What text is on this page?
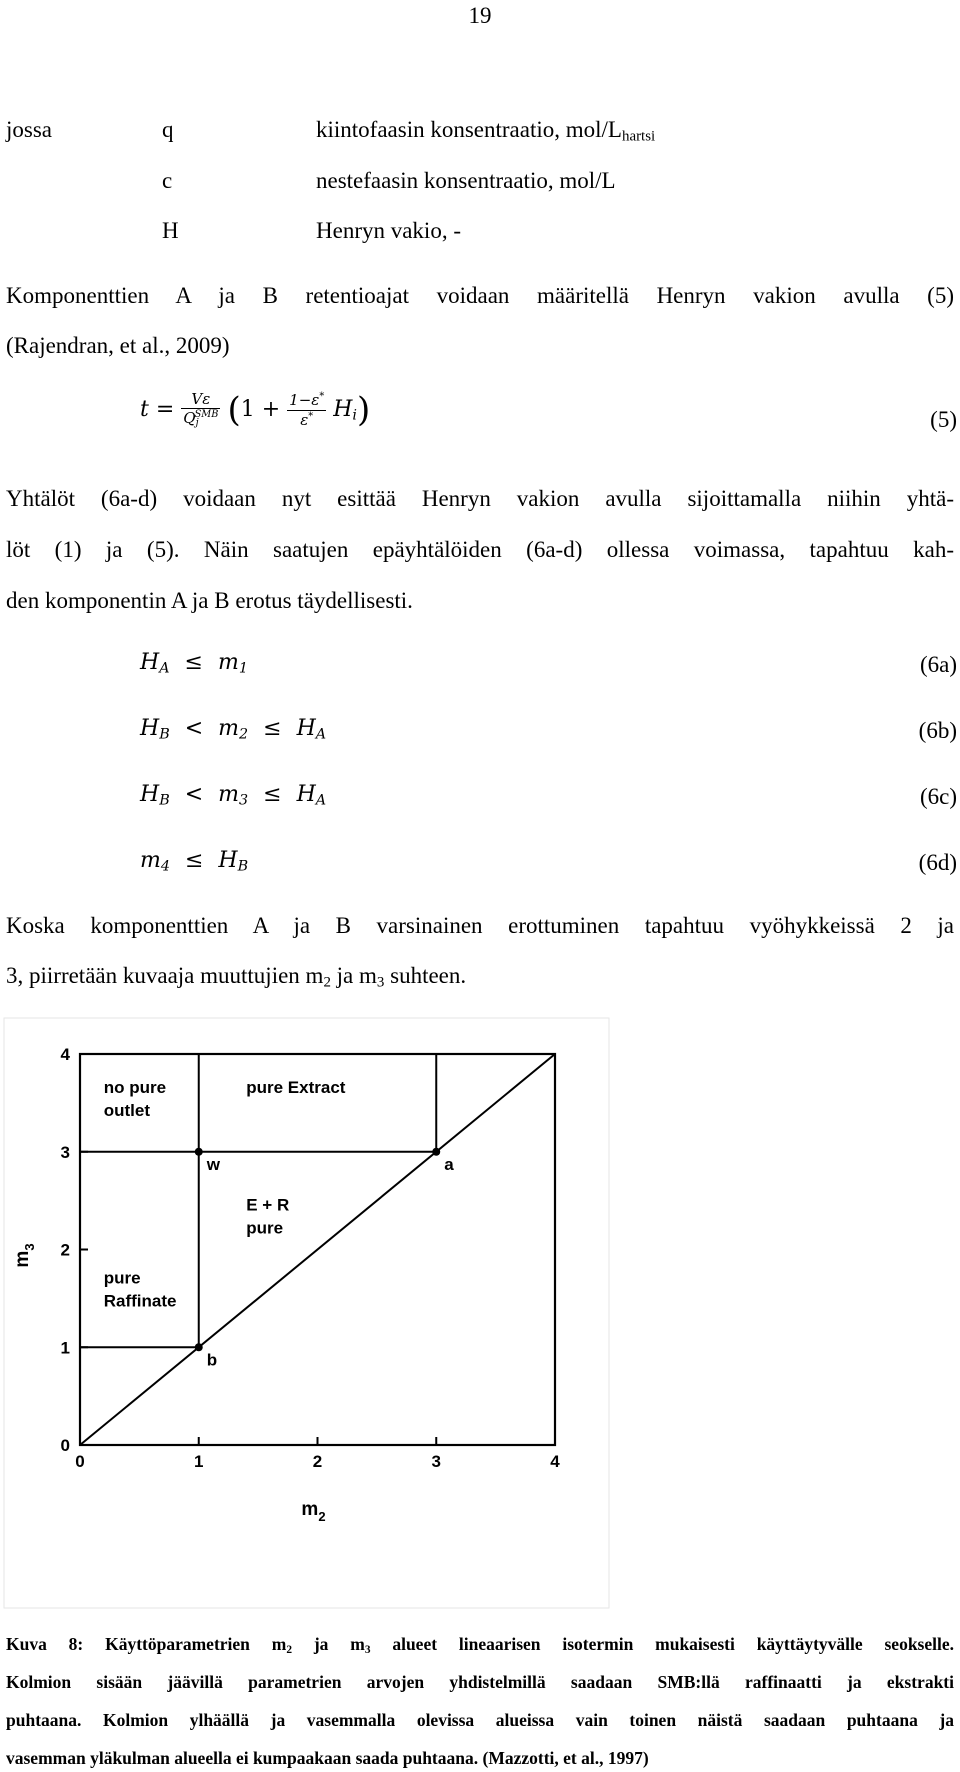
19
jossa	q	kiintofaasin konsentraatio, mol/$L_{hartsi}$
c	nestefaasin konsentraatio, mol/L
H	Henryn vakio, -
Komponenttien A ja B retentioajat voidaan määritellä Henryn vakion avulla (5)
(Rajendran, et al., 2009)
$t = \frac{V\varepsilon}{Q_j^{SMB}} (1 + \frac{1-\varepsilon^*}{\varepsilon^*} H_i)$	(5)
Yhtälöt (6a-d) voidaan nyt esittää Henryn vakion avulla sijoittamalla niihin yhtä-
löt (1) ja (5). Näin saatujen epäyhtälöiden (6a-d) ollessa voimassa, tapahtuu kah-
den komponentin A ja B erotus täydellisesti.
$H_A \le m_1$	(6a)
$H_B < m_2 \le H_A$	(6b)
$H_B < m_3 \le H_A$	(6c)
$m_4 \le H_B$	(6d)
Koska komponenttien A ja B varsinainen erottuminen tapahtuu vyöhykkeissä 2 ja
3, piirretään kuvaaja muuttujien $m_2$ ja $m_3$ suhteen.
0	1	2	3	4
0
1
2
3
4
$m_2$
$m_3$
w	a
b
no pure outlet
pure Extract
E + R pure
pure Raffinate
Kuva 8: Käyttöparametrien $m_2$ ja $m_3$ alueet lineaarisen isotermin mukaisesti käyttäytyvälle seokselle.
Kolmion sisään jäävillä parametrien arvojen yhdistelmillä saadaan SMB:llä raffinaatti ja ekstrakti
puhtaana. Kolmion ylhäällä ja vasemmalla olevissa alueissa vain toinen näistä saadaan puhtaana ja
vasemman yläkulman alueella ei kumpaakaan saada puhtaana. (Mazzotti, et al., 1997)
